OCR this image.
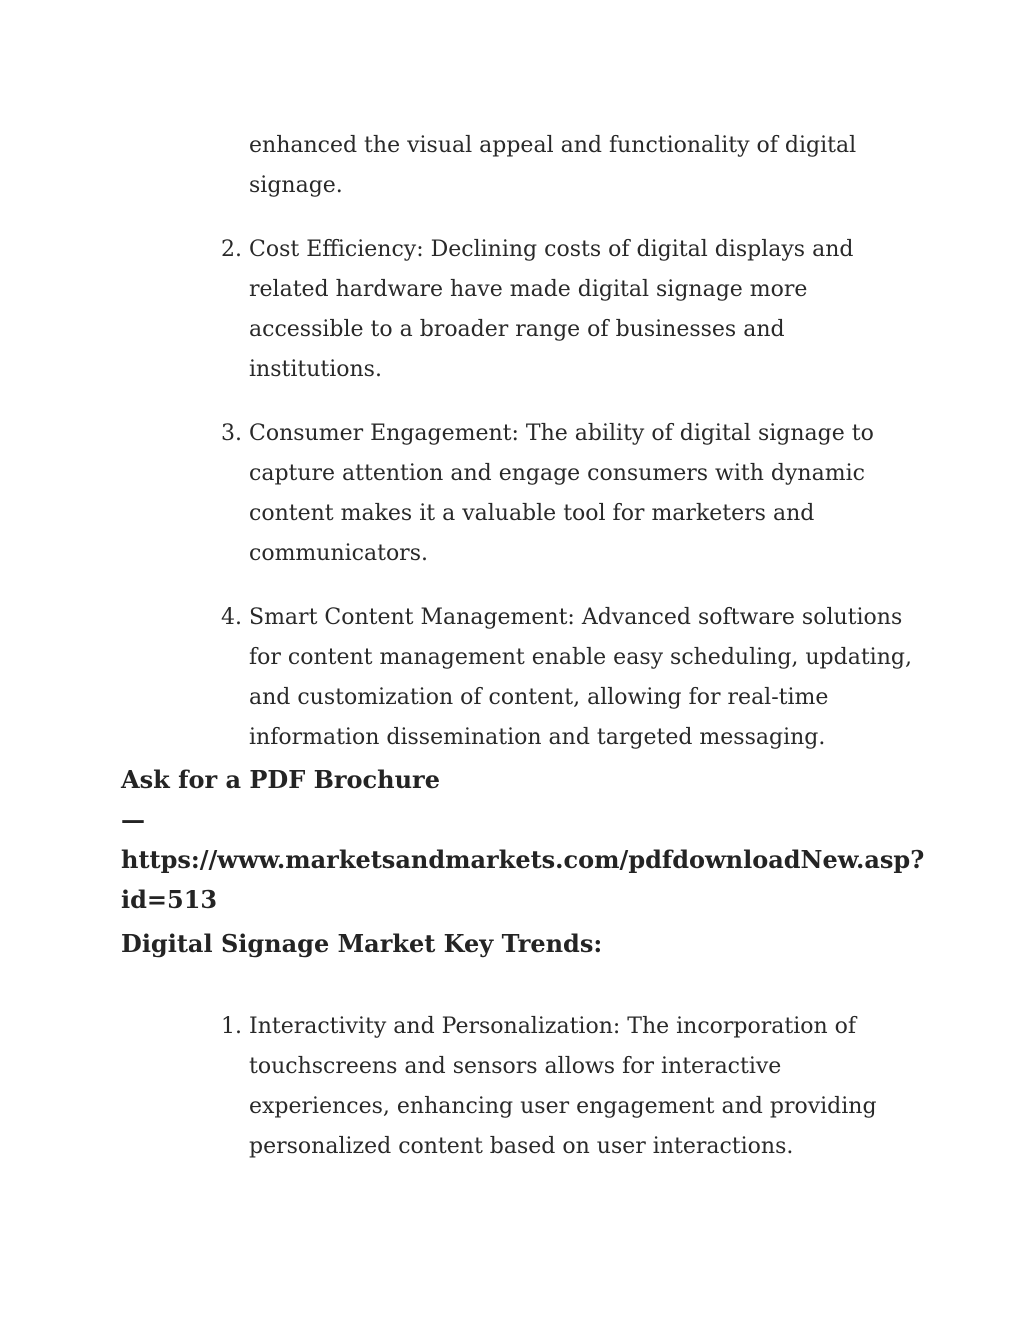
enhanced the visual appeal and functionality of digital signage.

2. Cost Efficiency: Declining costs of digital displays and related hardware have made digital signage more accessible to a broader range of businesses and institutions.
3. Consumer Engagement: The ability of digital signage to capture attention and engage consumers with dynamic content makes it a valuable tool for marketers and communicators.
4. Smart Content Management: Advanced software solutions for content management enable easy scheduling, updating, and customization of content, allowing for real-time information dissemination and targeted messaging.

Ask for a PDF Brochure
— https://www.marketsandmarkets.com/pdfdownloadNew.asp?id=513

Digital Signage Market Key Trends:
1. Interactivity and Personalization: The incorporation of touchscreens and sensors allows for interactive experiences, enhancing user engagement and providing personalized content based on user interactions.
